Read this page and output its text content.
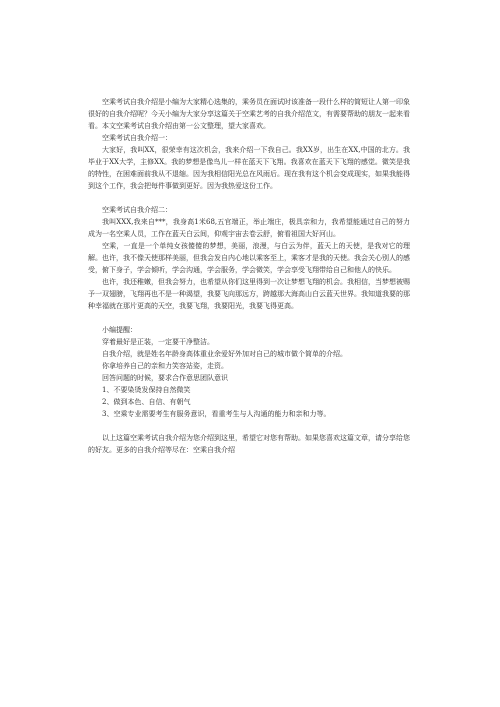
空乘考试自我介绍是小编为大家精心选集的，乘务员在面试时该准备一段什么样的简短让人第一印象很好的自我介绍呢？今天小编为大家分享这篇关于空乘艺考的自我介绍范文，有需要帮助的朋友一起来看看。本文空乘考试自我介绍由第一公文整理，望大家喜欢。

空乘考试自我介绍一：

大家好，我叫XX，很荣幸有这次机会，我来介绍一下我自己。我XX岁，出生在XX,中国的北方。我毕业于XX大学，主修XX。我的梦想是像鸟儿一样在蓝天下飞翔。我喜欢在蓝天下飞翔的感觉。微笑是我的特性，在困难面前我从不退缩。因为我相信阳光总在风雨后。现在我有这个机会变成现实，如果我能得到这个工作，我会把每件事做到更好。因为我热爱这份工作。

空乘考试自我介绍二：

我叫XXX,我来自***，我身高1米68,五官端正，举止端庄，极具亲和力，我希望能通过自己的努力成为一名空乘人员，工作在蓝天白云间，仰观宇宙去卷云舒，俯看祖国大好河山。

空乘，一直是一个单纯女孩傻傻的梦想，美丽，浪漫，与白云为伴，蓝天上的天使，是我对它的理解。也许，我不像天使那样美丽，但我会发自内心地以乘客至上，乘客才是我的天使。我会关心别人的感受，俯下身子，学会倾听，学会沟通，学会服务，学会微笑，学会享受飞翔带给自己和他人的快乐。

也许，我还稚嫩，但我会努力，也希望从你们这里得到一次让梦想飞翔的机会。我相信，当梦想被赐予一双翅膀，飞翔再也不是一种渴望，我要飞向那远方，跨越那大海高山白云蓝天世界。我知道我要的那种幸福就在那片更高的天空，我要飞翔，我要阳光，我要飞得更高。

小编提醒：

穿着最好是正装，一定要干净整洁。

自我介绍，就是姓名年龄身高体重业余爱好外加对自己的城市做个简单的介绍。

你拿培养自己的亲和力笑容站姿，走资。

回答问题的时候，要求合作意思团队意识

1、不要染烫发保持自然微笑

2、做到本色、自信、有朝气

3、空乘专业需要考生有服务意识，看重考生与人沟通的能力和亲和力等。

以上这篇空乘考试自我介绍为您介绍到这里，希望它对您有帮助。如果您喜欢这篇文章，请分享给您的好友。更多的自我介绍等尽在：空乘自我介绍
